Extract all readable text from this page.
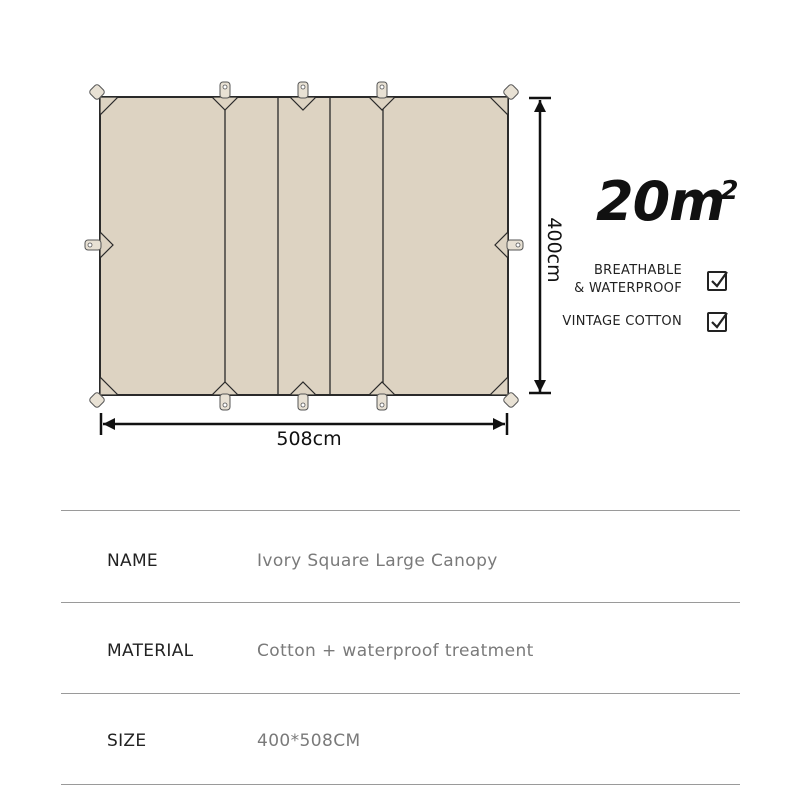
400cm
508cm
$20m^2$
BREATHABLE
& WATERPROOF
VINTAGE COTTON
NAME	Ivory Square Large Canopy
MATERIAL	Cotton + waterproof treatment
SIZE	400*508CM
